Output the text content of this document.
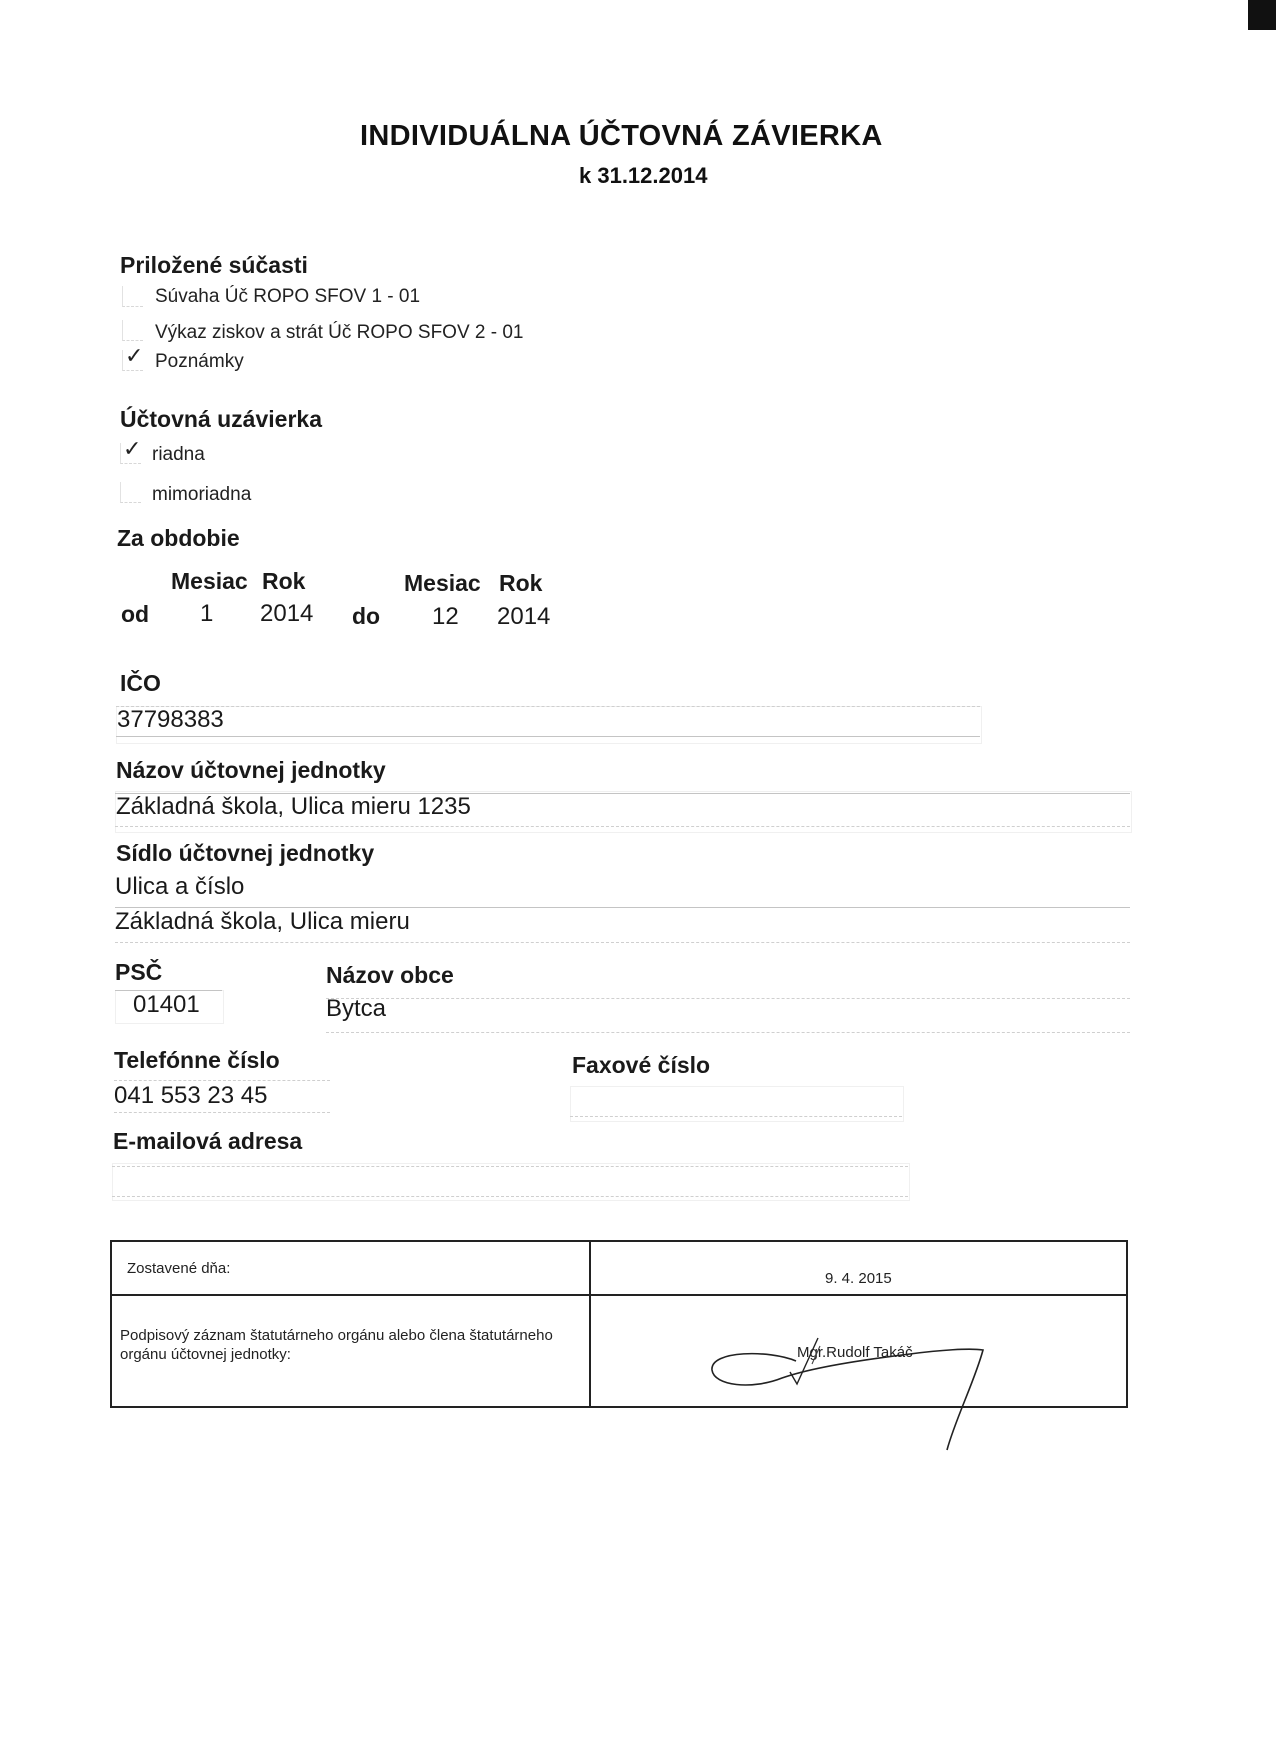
INDIVIDUÁLNA ÚČTOVNÁ ZÁVIERKA
k 31.12.2014
Priložené súčasti
Súvaha Úč ROPO SFOV 1 - 01
Výkaz ziskov a strát Úč ROPO SFOV 2 - 01
✓ Poznámky
Účtovná uzávierka
✓ riadna
mimoriadna
Za obdobie
Mesiac Rok	Mesiac Rok
od 1 2014 do 12 2014
IČO
37798383
Názov účtovnej jednotky
Základná škola, Ulica mieru 1235
Sídlo účtovnej jednotky
Ulica a číslo
Základná škola, Ulica mieru
PSČ
01401
Názov obce
Bytca
Telefónne číslo
041 553 23 45
Faxové číslo
E-mailová adresa
Zostavené dňa:
9. 4. 2015
Podpisový záznam štatutárneho orgánu alebo člena štatutárneho orgánu účtovnej jednotky:	Mgr.Rudolf Takáč
